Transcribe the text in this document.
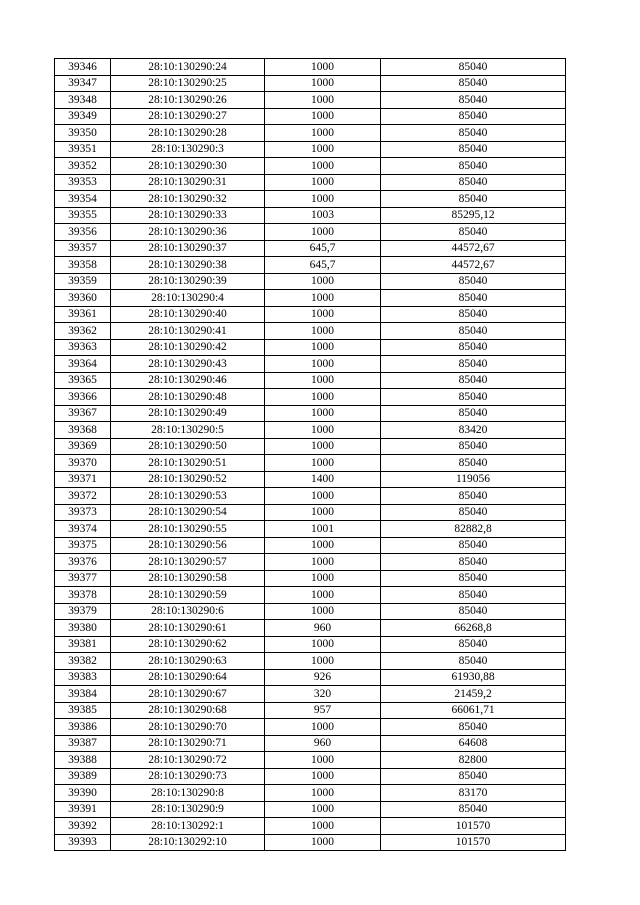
39346	28:10:130290:24	1000	85040
39347	28:10:130290:25	1000	85040
39348	28:10:130290:26	1000	85040
39349	28:10:130290:27	1000	85040
39350	28:10:130290:28	1000	85040
39351	28:10:130290:3	1000	85040
39352	28:10:130290:30	1000	85040
39353	28:10:130290:31	1000	85040
39354	28:10:130290:32	1000	85040
39355	28:10:130290:33	1003	85295,12
39356	28:10:130290:36	1000	85040
39357	28:10:130290:37	645,7	44572,67
39358	28:10:130290:38	645,7	44572,67
39359	28:10:130290:39	1000	85040
39360	28:10:130290:4	1000	85040
39361	28:10:130290:40	1000	85040
39362	28:10:130290:41	1000	85040
39363	28:10:130290:42	1000	85040
39364	28:10:130290:43	1000	85040
39365	28:10:130290:46	1000	85040
39366	28:10:130290:48	1000	85040
39367	28:10:130290:49	1000	85040
39368	28:10:130290:5	1000	83420
39369	28:10:130290:50	1000	85040
39370	28:10:130290:51	1000	85040
39371	28:10:130290:52	1400	119056
39372	28:10:130290:53	1000	85040
39373	28:10:130290:54	1000	85040
39374	28:10:130290:55	1001	82882,8
39375	28:10:130290:56	1000	85040
39376	28:10:130290:57	1000	85040
39377	28:10:130290:58	1000	85040
39378	28:10:130290:59	1000	85040
39379	28:10:130290:6	1000	85040
39380	28:10:130290:61	960	66268,8
39381	28:10:130290:62	1000	85040
39382	28:10:130290:63	1000	85040
39383	28:10:130290:64	926	61930,88
39384	28:10:130290:67	320	21459,2
39385	28:10:130290:68	957	66061,71
39386	28:10:130290:70	1000	85040
39387	28:10:130290:71	960	64608
39388	28:10:130290:72	1000	82800
39389	28:10:130290:73	1000	85040
39390	28:10:130290:8	1000	83170
39391	28:10:130290:9	1000	85040
39392	28:10:130292:1	1000	101570
39393	28:10:130292:10	1000	101570
